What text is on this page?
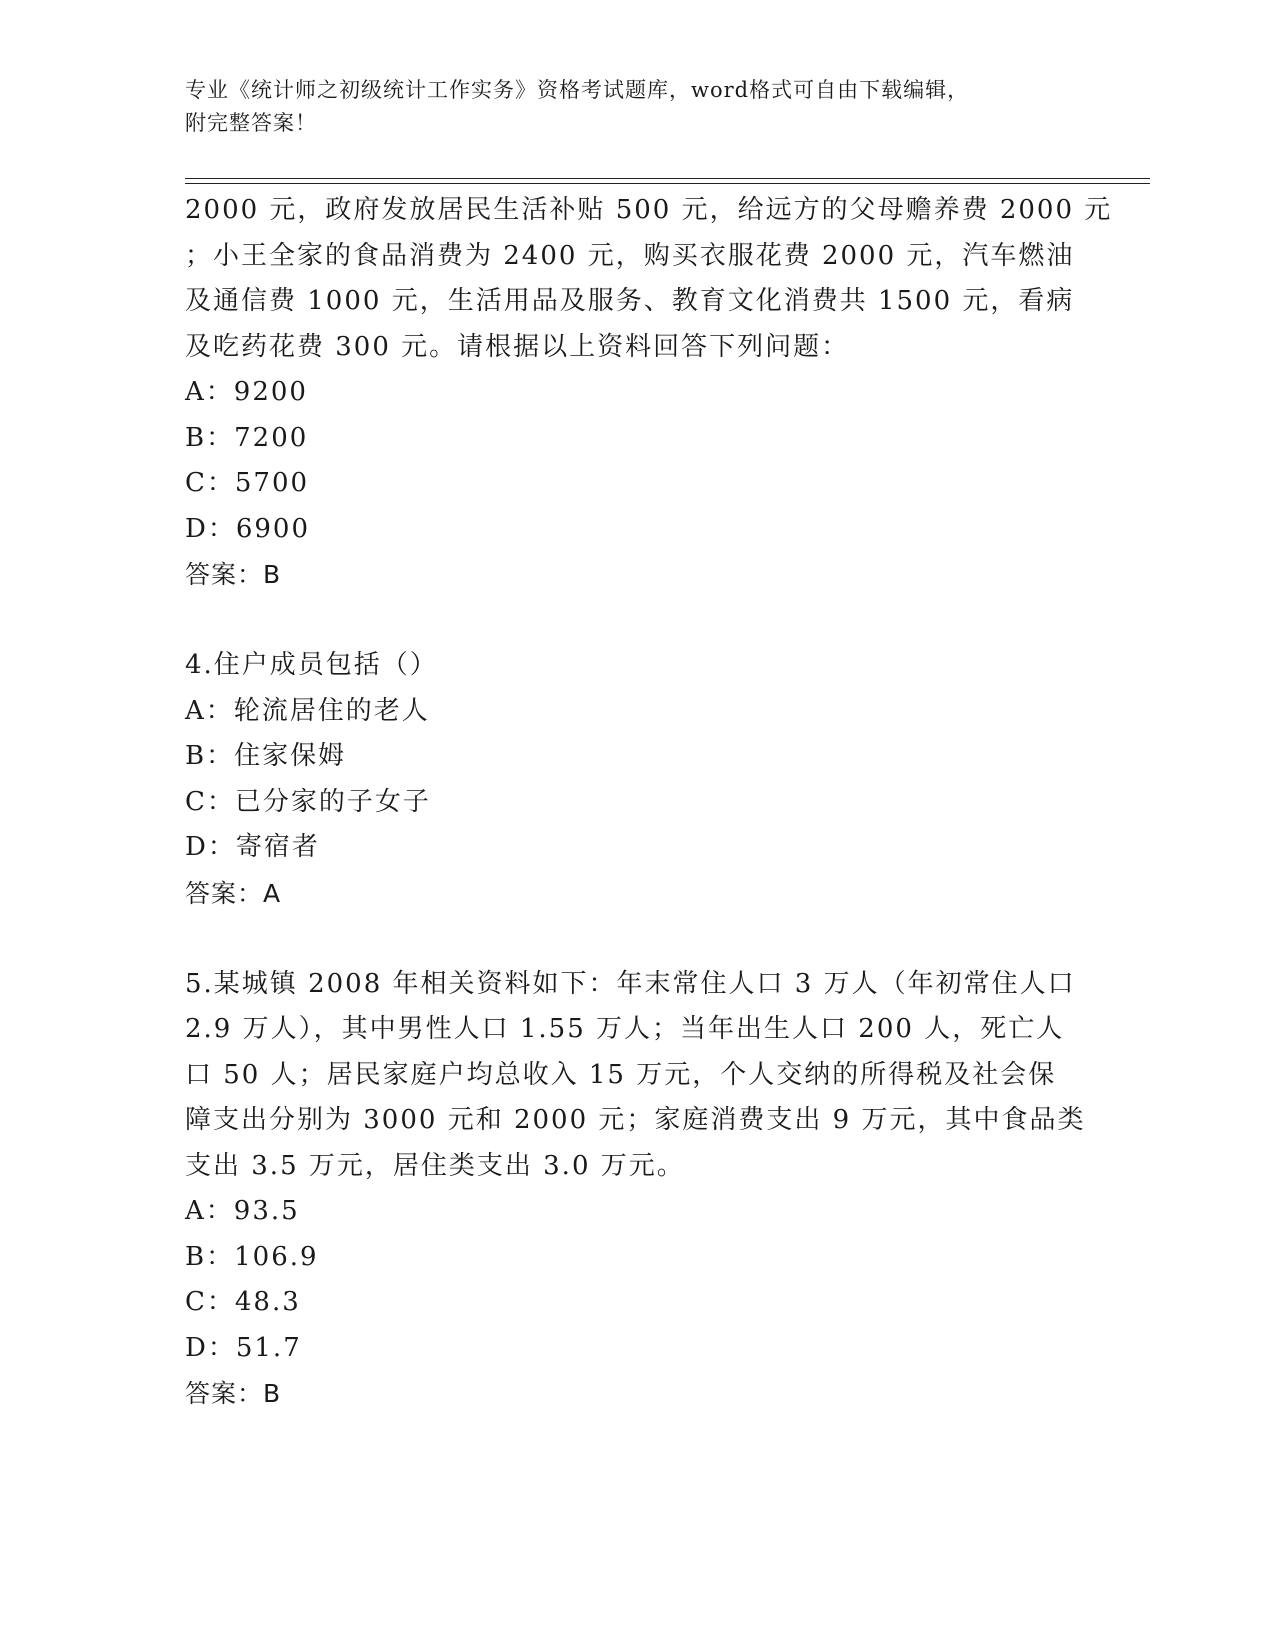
专业《统计师之初级统计工作实务》资格考试题库，word格式可自由下载编辑，
附完整答案！
2000 元，政府发放居民生活补贴 500 元，给远方的父母赡养费 2000 元
；小王全家的食品消费为 2400 元，购买衣服花费 2000 元，汽车燃油
及通信费 1000 元，生活用品及服务、教育文化消费共 1500 元，看病
及吃药花费 300 元。请根据以上资料回答下列问题：
A：9200
B：7200
C：5700
D：6900
答案：B
4.住户成员包括（）
A：轮流居住的老人
B：住家保姆
C：已分家的子女子
D：寄宿者
答案：A
5.某城镇 2008 年相关资料如下：年末常住人口 3 万人（年初常住人口
2.9 万人），其中男性人口 1.55 万人；当年出生人口 200 人，死亡人
口 50 人；居民家庭户均总收入 15 万元，个人交纳的所得税及社会保
障支出分别为 3000 元和 2000 元；家庭消费支出 9 万元，其中食品类
支出 3.5 万元，居住类支出 3.0 万元。
A：93.5
B：106.9
C：48.3
D：51.7
答案：B
